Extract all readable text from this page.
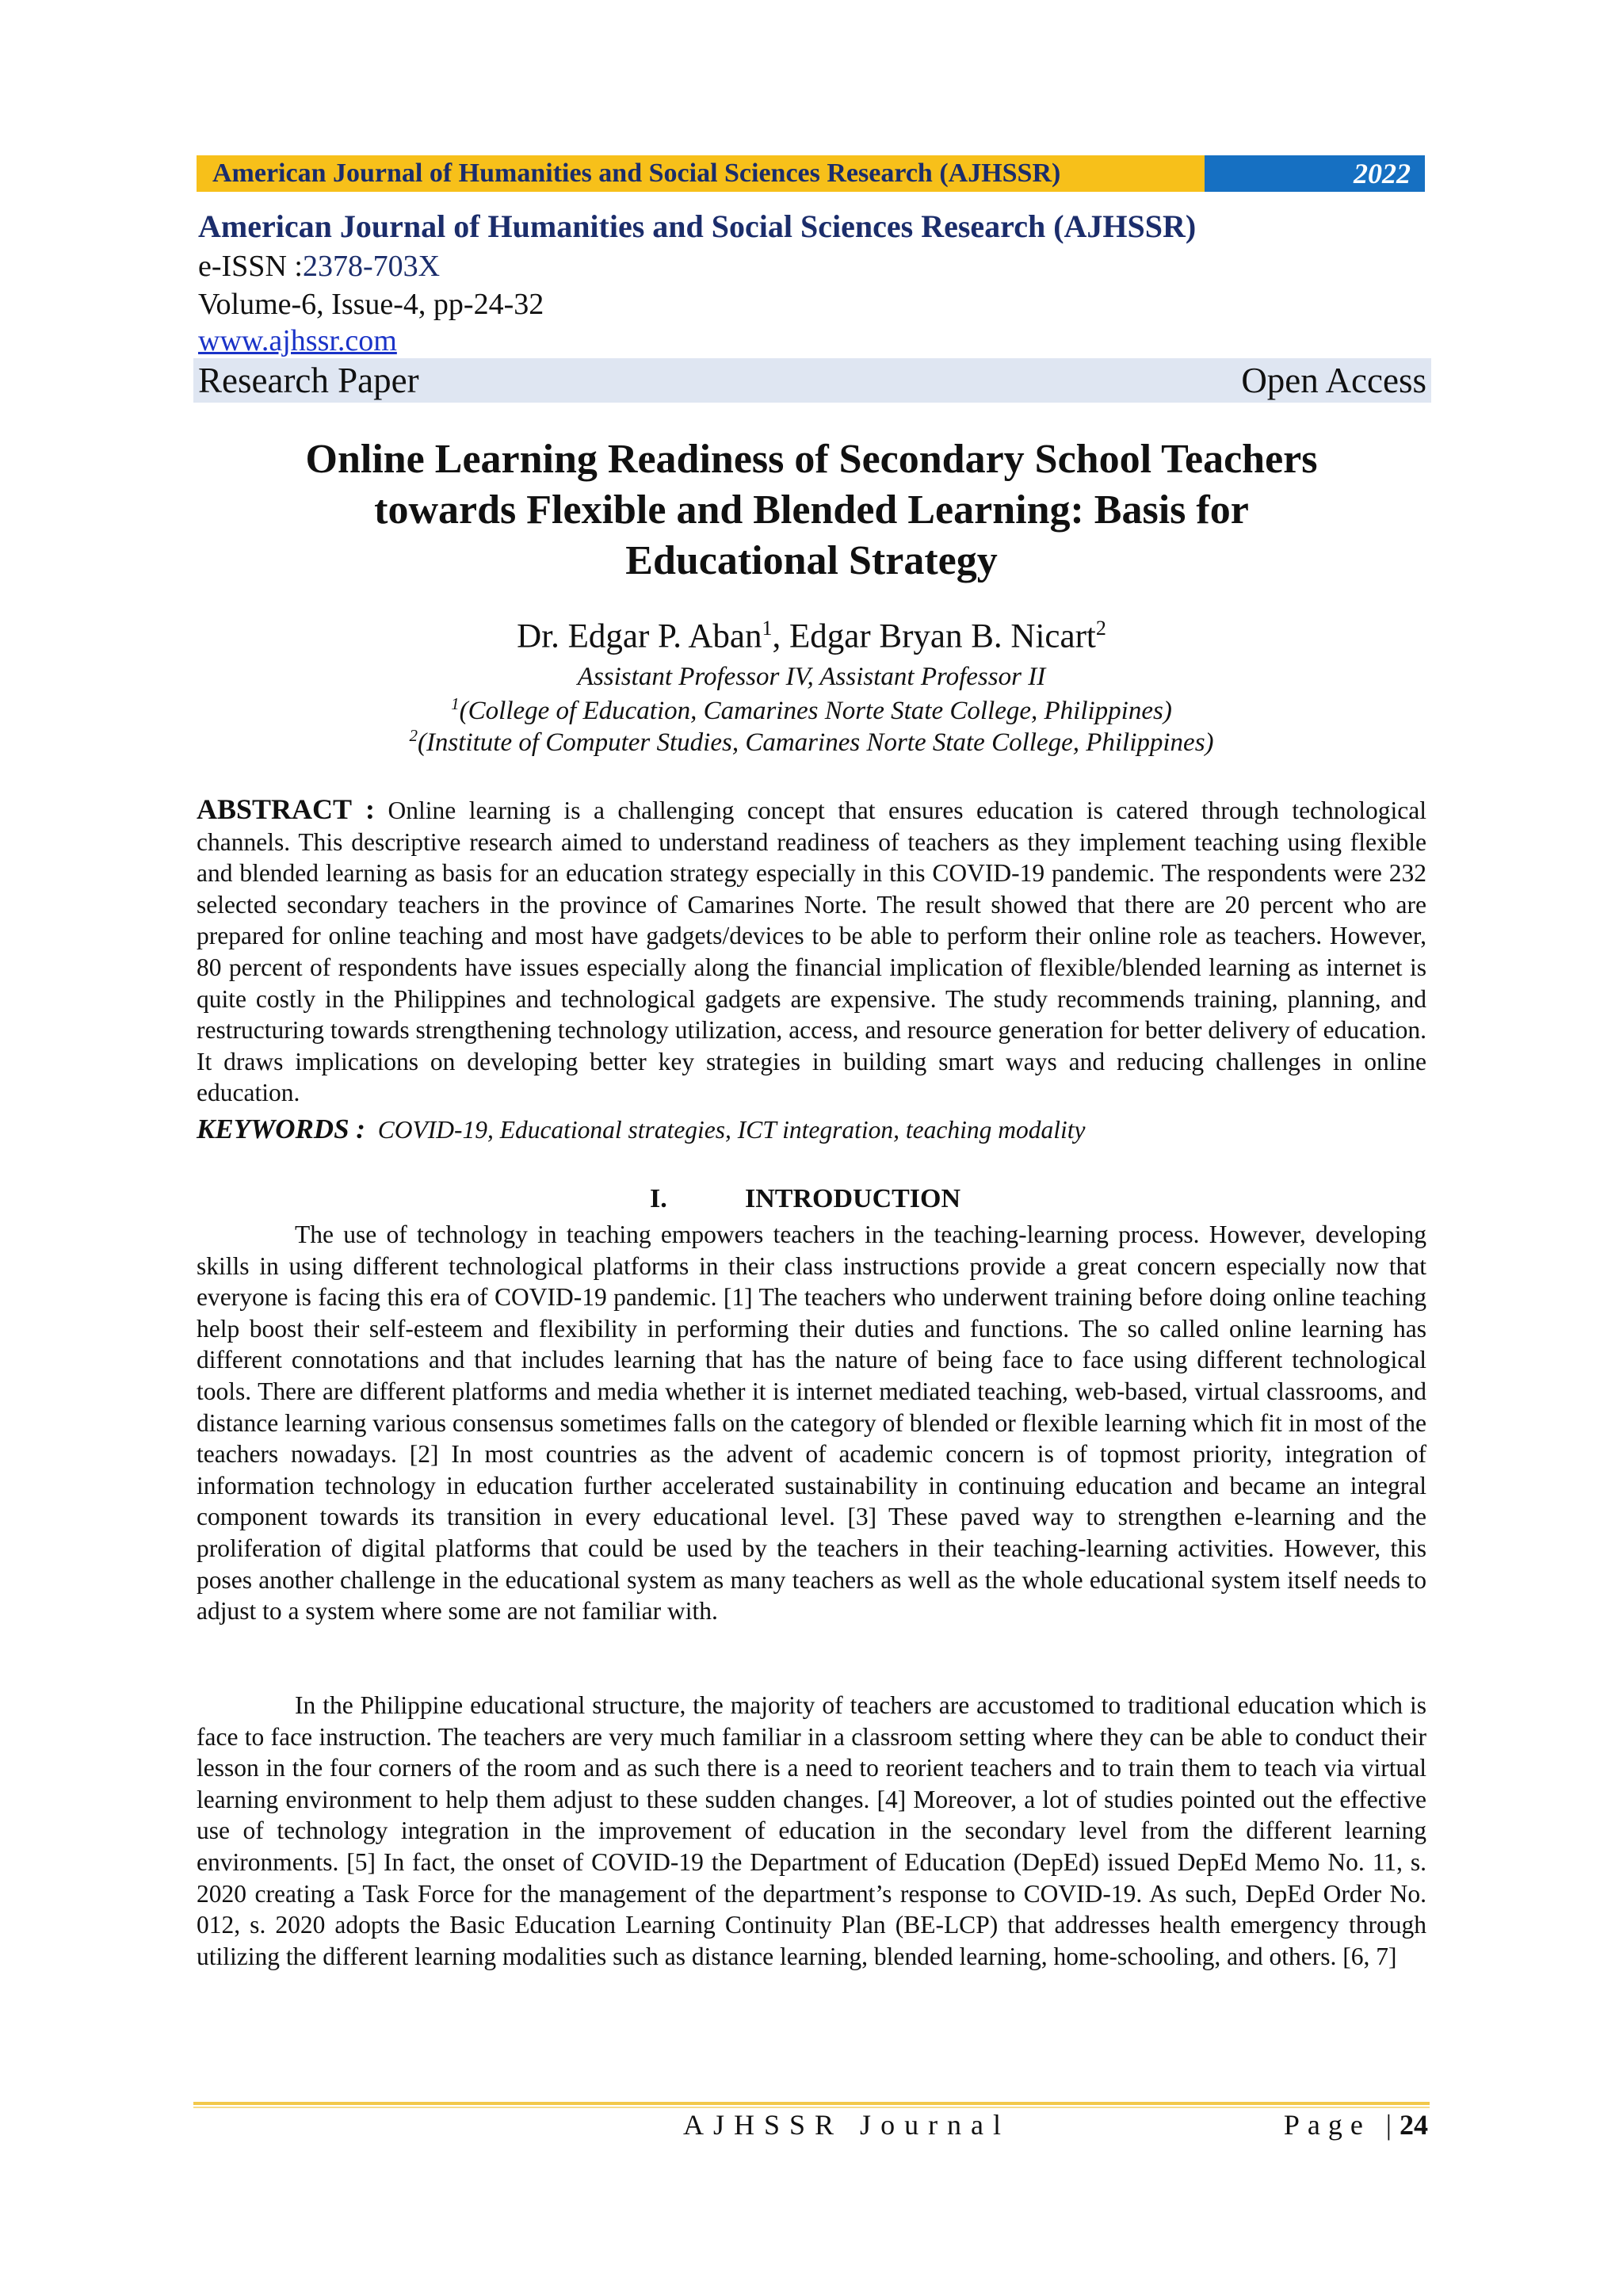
American Journal of Humanities and Social Sciences Research (AJHSSR)	2022
American Journal of Humanities and Social Sciences Research (AJHSSR)
e-ISSN :2378-703X
Volume-6, Issue-4, pp-24-32
www.ajhssr.com
Research Paper	Open Access
Online Learning Readiness of Secondary School Teachers
towards Flexible and Blended Learning: Basis for
Educational Strategy
Dr. Edgar P. Aban$^1$, Edgar Bryan B. Nicart$^2$
Assistant Professor IV, Assistant Professor II
$^1$(College of Education, Camarines Norte State College, Philippines)
$^2$(Institute of Computer Studies, Camarines Norte State College, Philippines)
ABSTRACT : Online learning is a challenging concept that ensures education is catered through technological channels. This descriptive research aimed to understand readiness of teachers as they implement teaching using flexible and blended learning as basis for an education strategy especially in this COVID-19 pandemic. The respondents were 232 selected secondary teachers in the province of Camarines Norte. The result showed that there are 20 percent who are prepared for online teaching and most have gadgets/devices to be able to perform their online role as teachers. However, 80 percent of respondents have issues especially along the financial implication of flexible/blended learning as internet is quite costly in the Philippines and technological gadgets are expensive. The study recommends training, planning, and restructuring towards strengthening technology utilization, access, and resource generation for better delivery of education. It draws implications on developing better key strategies in building smart ways and reducing challenges in online education.
KEYWORDS : COVID-19, Educational strategies, ICT integration, teaching modality
I.	INTRODUCTION
The use of technology in teaching empowers teachers in the teaching-learning process. However, developing skills in using different technological platforms in their class instructions provide a great concern especially now that everyone is facing this era of COVID-19 pandemic. [1] The teachers who underwent training before doing online teaching help boost their self-esteem and flexibility in performing their duties and functions. The so called online learning has different connotations and that includes learning that has the nature of being face to face using different technological tools. There are different platforms and media whether it is internet mediated teaching, web-based, virtual classrooms, and distance learning various consensus sometimes falls on the category of blended or flexible learning which fit in most of the teachers nowadays. [2] In most countries as the advent of academic concern is of topmost priority, integration of information technology in education further accelerated sustainability in continuing education and became an integral component towards its transition in every educational level. [3] These paved way to strengthen e-learning and the proliferation of digital platforms that could be used by the teachers in their teaching-learning activities. However, this poses another challenge in the educational system as many teachers as well as the whole educational system itself needs to adjust to a system where some are not familiar with.
In the Philippine educational structure, the majority of teachers are accustomed to traditional education which is face to face instruction. The teachers are very much familiar in a classroom setting where they can be able to conduct their lesson in the four corners of the room and as such there is a need to reorient teachers and to train them to teach via virtual learning environment to help them adjust to these sudden changes. [4] Moreover, a lot of studies pointed out the effective use of technology integration in the improvement of education in the secondary level from the different learning environments. [5] In fact, the onset of COVID-19 the Department of Education (DepEd) issued DepEd Memo No. 11, s. 2020 creating a Task Force for the management of the department’s response to COVID-19. As such, DepEd Order No. 012, s. 2020 adopts the Basic Education Learning Continuity Plan (BE-LCP) that addresses health emergency through utilizing the different learning modalities such as distance learning, blended learning, home-schooling, and others. [6, 7]
AJHSSR Journal	Page |24
